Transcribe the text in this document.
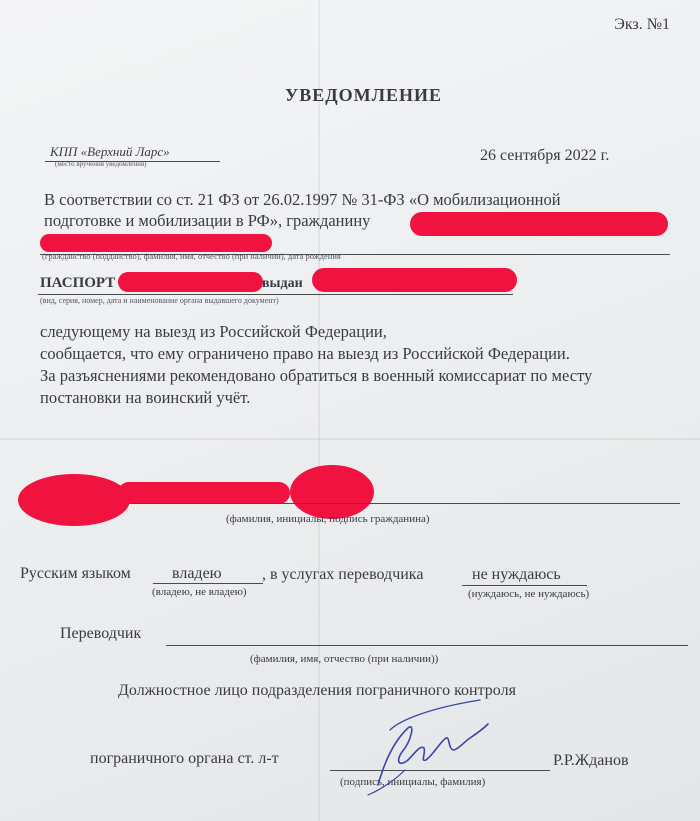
Экз. №1
УВЕДОМЛЕНИЕ
КПП «Верхний Ларс»
(место вручения уведомления)	26 сентября 2022 г.
В соответствии со ст. 21 ФЗ от 26.02.1997 № 31-ФЗ «О мобилизационной
подготовке и мобилизации в РФ», гражданину
(гражданство (подданство), фамилия, имя, отчество (при наличии), дата рождения
ПАСПОРТ	выдан
(вид, серия, номер, дата и наименование органа выдавшего документ)
следующему на выезд из Российской Федерации,
сообщается, что ему ограничено право на выезд из Российской Федерации.
За разъяснениями рекомендовано обратиться в военный комиссариат по месту
постановки на воинский учёт.
(фамилия, инициалы, подпись гражданина)
Русским языком	владею	, в услугах переводчика	не нуждаюсь
(владею, не владею)	(нуждаюсь, не нуждаюсь)
Переводчик
(фамилия, имя, отчество (при наличии))
Должностное лицо подразделения пограничного контроля
пограничного органа ст. л-т	Р.Р.Жданов
(подпись, инициалы, фамилия)
